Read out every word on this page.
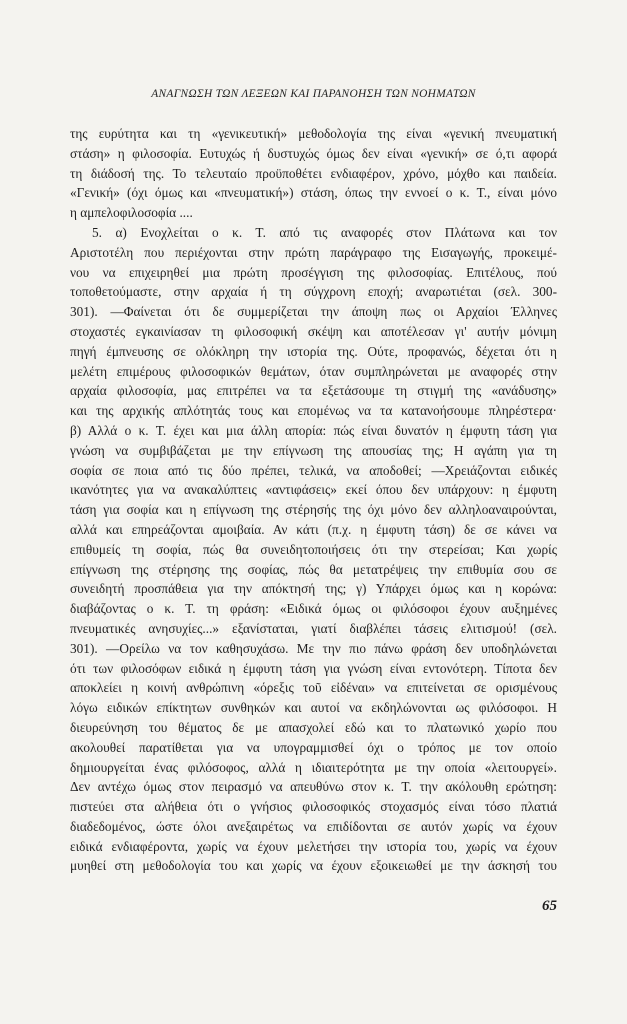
ΑΝΑΓΝΩΣΗ ΤΩΝ ΛΕΞΕΩΝ ΚΑΙ ΠΑΡΑΝΟΗΣΗ ΤΩΝ ΝΟΗΜΑΤΩΝ
της ευρύτητα και τη «γενικευτική» μεθοδολογία της είναι «γενική πνευματική
στάση» η φιλοσοφία. Ευτυχώς ή δυστυχώς όμως δεν είναι «γενική» σε ό,τι αφορά
τη διάδοσή της. Το τελευταίο προϋποθέτει ενδιαφέρον, χρόνο, μόχθο και παιδεία.
«Γενική» (όχι όμως και «πνευματική») στάση, όπως την εννοεί ο κ. Τ., είναι μόνο
η αμπελοφιλοσοφία ....
5. α) Ενοχλείται ο κ. Τ. από τις αναφορές στον Πλάτωνα και τον
Αριστοτέλη που περιέχονται στην πρώτη παράγραφο της Εισαγωγής, προκειμέ-
νου να επιχειρηθεί μια πρώτη προσέγγιση της φιλοσοφίας. Επιτέλους, πού
τοποθετούμαστε, στην αρχαία ή τη σύγχρονη εποχή; αναρωτιέται (σελ. 300-
301). —Φαίνεται ότι δε συμμερίζεται την άποψη πως οι Αρχαίοι Έλληνες
στοχαστές εγκαινίασαν τη φιλοσοφική σκέψη και αποτέλεσαν γι' αυτήν μόνιμη
πηγή έμπνευσης σε ολόκληρη την ιστορία της. Ούτε, προφανώς, δέχεται ότι η
μελέτη επιμέρους φιλοσοφικών θεμάτων, όταν συμπληρώνεται με αναφορές στην
αρχαία φιλοσοφία, μας επιτρέπει να τα εξετάσουμε τη στιγμή της «ανάδυσης»
και της αρχικής απλότητάς τους και επομένως να τα κατανοήσουμε πληρέστερα·
β) Αλλά ο κ. Τ. έχει και μια άλλη απορία: πώς είναι δυνατόν η έμφυτη τάση για
γνώση να συμβιβάζεται με την επίγνωση της απουσίας της; Η αγάπη για τη
σοφία σε ποια από τις δύο πρέπει, τελικά, να αποδοθεί; —Χρειάζονται ειδικές
ικανότητες για να ανακαλύπτεις «αντιφάσεις» εκεί όπου δεν υπάρχουν: η έμφυτη
τάση για σοφία και η επίγνωση της στέρησής της όχι μόνο δεν αλληλοαναιρούνται,
αλλά και επηρεάζονται αμοιβαία. Αν κάτι (π.χ. η έμφυτη τάση) δε σε κάνει να
επιθυμείς τη σοφία, πώς θα συνειδητοποιήσεις ότι την στερείσαι; Και χωρίς
επίγνωση της στέρησης της σοφίας, πώς θα μετατρέψεις την επιθυμία σου σε
συνειδητή προσπάθεια για την απόκτησή της; γ) Υπάρχει όμως και η κορώνα:
διαβάζοντας ο κ. Τ. τη φράση: «Ειδικά όμως οι φιλόσοφοι έχουν αυξημένες
πνευματικές ανησυχίες...» εξανίσταται, γιατί διαβλέπει τάσεις ελιτισμού! (σελ.
301). —Ορείλω να τον καθησυχάσω. Με την πιο πάνω φράση δεν υποδηλώνεται
ότι των φιλοσόφων ειδικά η έμφυτη τάση για γνώση είναι εντονότερη. Τίποτα δεν
αποκλείει η κοινή ανθρώπινη «όρεξις τοῦ εἰδέναι» να επιτείνεται σε ορισμένους
λόγω ειδικών επίκτητων συνθηκών και αυτοί να εκδηλώνονται ως φιλόσοφοι. Η
διευρεύνηση του θέματος δε με απασχολεί εδώ και το πλατωνικό χωρίο που
ακολουθεί παρατίθεται για να υπογραμμισθεί όχι ο τρόπος με τον οποίο
δημιουργείται ένας φιλόσοφος, αλλά η ιδιαιτερότητα με την οποία «λειτουργεί».
Δεν αντέχω όμως στον πειρασμό να απευθύνω στον κ. Τ. την ακόλουθη ερώτηση:
πιστεύει στα αλήθεια ότι ο γνήσιος φιλοσοφικός στοχασμός είναι τόσο πλατιά
διαδεδομένος, ώστε όλοι ανεξαιρέτως να επιδίδονται σε αυτόν χωρίς να έχουν
ειδικά ενδιαφέροντα, χωρίς να έχουν μελετήσει την ιστορία του, χωρίς να έχουν
μυηθεί στη μεθοδολογία του και χωρίς να έχουν εξοικειωθεί με την άσκησή του
65
